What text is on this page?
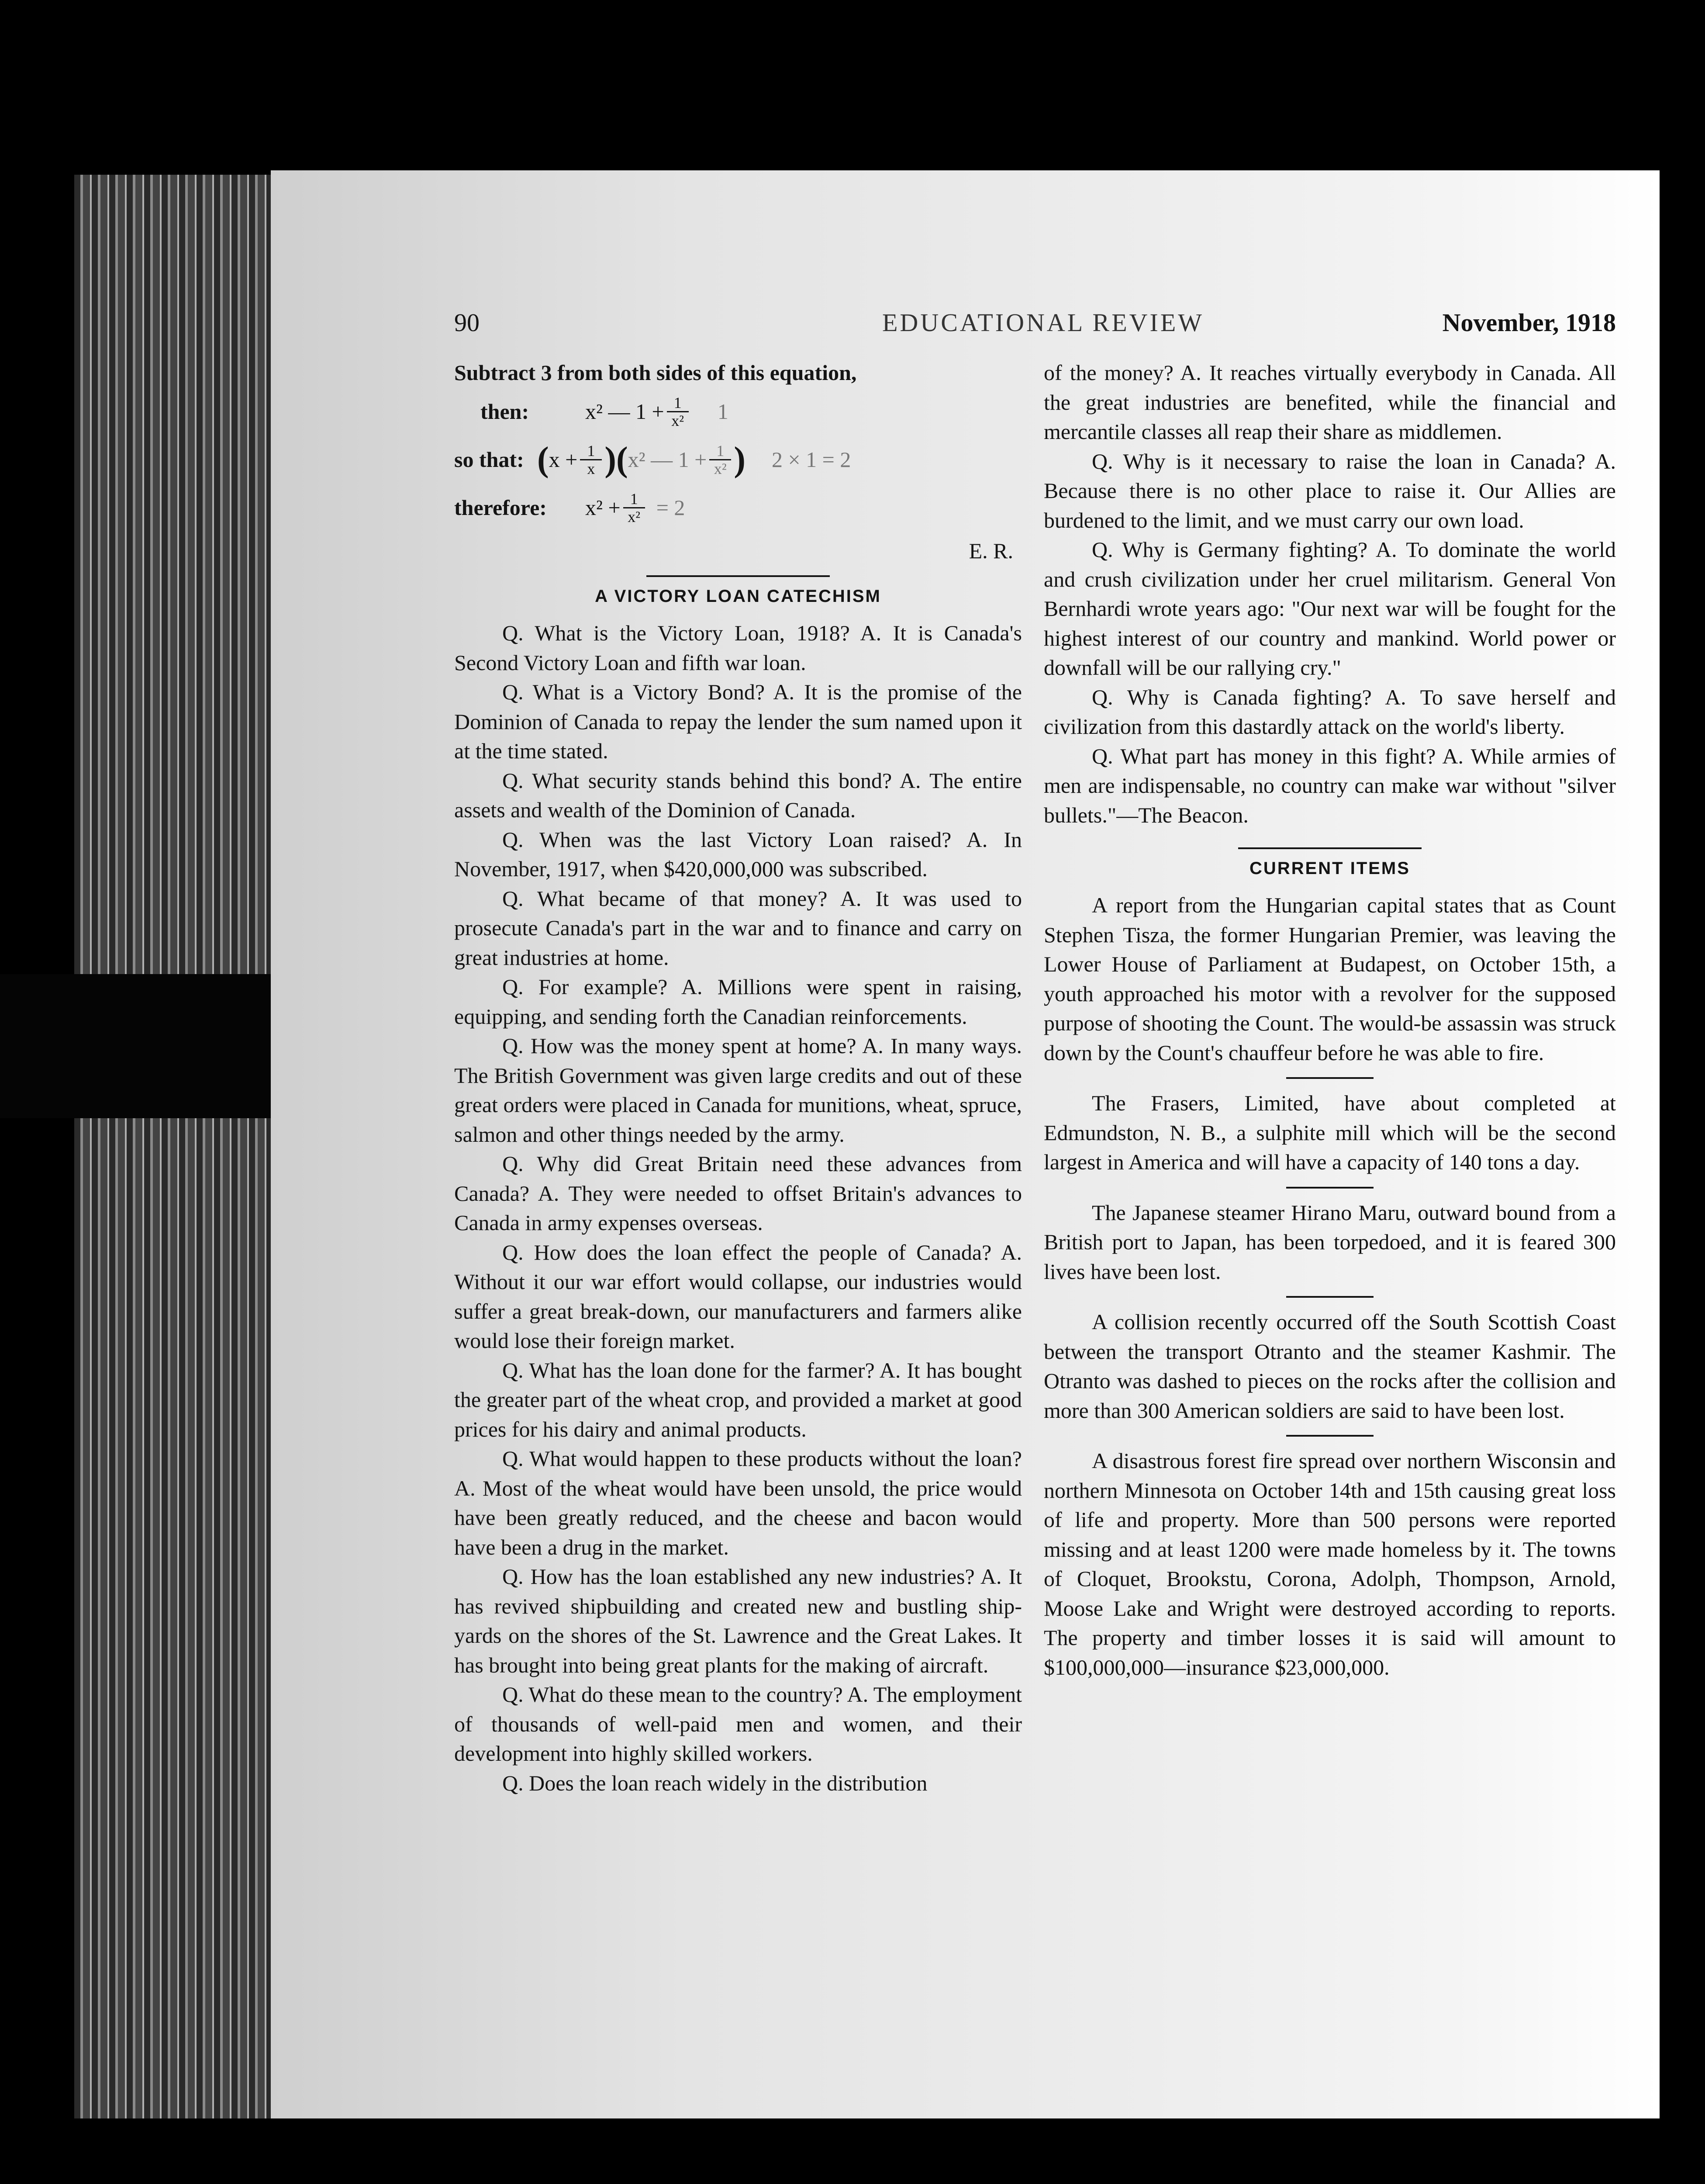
90	EDUCATIONAL REVIEW	November, 1918

Subtract 3 from both sides of this equation,

then:	x² — $1 + \frac{1}{\text{x²}} 1$
so that: ( $x + \frac{1}{x}$ ) ( x² — $1 + \frac{1}{\text{x²}}$ ) 2 × 1 = 2
therefore:	$x^2 + \frac{1}{\text{x²}} = 2$
E. R.
A VICTORY LOAN CATECHISM

Q. What is the Victory Loan, 1918? A. It is Canada's Second Victory Loan and fifth war loan.

Q. What is a Victory Bond? A. It is the promise of the Dominion of Canada to repay the lender the sum named upon it at the time stated.

Q. What security stands behind this bond? A. The entire assets and wealth of the Dominion of Canada.

Q. When was the last Victory Loan raised? A. In November, 1917, when $420,000,000 was subscribed.

Q. What became of that money? A. It was used to prosecute Canada's part in the war and to finance and carry on great industries at home.

Q. For example? A. Millions were spent in raising, equipping, and sending forth the Canadian reinforcements.

Q. How was the money spent at home? A. In many ways. The British Government was given large credits and out of these great orders were placed in Canada for munitions, wheat, spruce, salmon and other things needed by the army.

Q. Why did Great Britain need these advances from Canada? A. They were needed to offset Britain's advances to Canada in army expenses overseas.

Q. How does the loan effect the people of Canada? A. Without it our war effort would collapse, our industries would suffer a great break-down, our manufacturers and farmers alike would lose their foreign market.

Q. What has the loan done for the farmer? A. It has bought the greater part of the wheat crop, and provided a market at good prices for his dairy and animal products.

Q. What would happen to these products without the loan? A. Most of the wheat would have been unsold, the price would have been greatly reduced, and the cheese and bacon would have been a drug in the market.

Q. How has the loan established any new industries? A. It has revived shipbuilding and created new and bustling ship-yards on the shores of the St. Lawrence and the Great Lakes. It has brought into being great plants for the making of aircraft.

Q. What do these mean to the country? A. The employment of thousands of well-paid men and women, and their development into highly skilled workers.

Q. Does the loan reach widely in the distribution

of the money? A. It reaches virtually everybody in Canada. All the great industries are benefited, while the financial and mercantile classes all reap their share as middlemen.

Q. Why is it necessary to raise the loan in Canada? A. Because there is no other place to raise it. Our Allies are burdened to the limit, and we must carry our own load.

Q. Why is Germany fighting? A. To dominate the world and crush civilization under her cruel militarism. General Von Bernhardi wrote years ago: "Our next war will be fought for the highest interest of our country and mankind. World power or downfall will be our rallying cry."

Q. Why is Canada fighting? A. To save herself and civilization from this dastardly attack on the world's liberty.

Q. What part has money in this fight? A. While armies of men are indispensable, no country can make war without "silver bullets."—The Beacon.

CURRENT ITEMS

A report from the Hungarian capital states that as Count Stephen Tisza, the former Hungarian Premier, was leaving the Lower House of Parliament at Budapest, on October 15th, a youth approached his motor with a revolver for the supposed purpose of shooting the Count. The would-be assassin was struck down by the Count's chauffeur before he was able to fire.

The Frasers, Limited, have about completed at Edmundston, N. B., a sulphite mill which will be the second largest in America and will have a capacity of 140 tons a day.

The Japanese steamer Hirano Maru, outward bound from a British port to Japan, has been torpedoed, and it is feared 300 lives have been lost.

A collision recently occurred off the South Scottish Coast between the transport Otranto and the steamer Kashmir. The Otranto was dashed to pieces on the rocks after the collision and more than 300 American soldiers are said to have been lost.

A disastrous forest fire spread over northern Wisconsin and northern Minnesota on October 14th and 15th causing great loss of life and property. More than 500 persons were reported missing and at least 1200 were made homeless by it. The towns of Cloquet, Brookstu, Corona, Adolph, Thompson, Arnold, Moose Lake and Wright were destroyed according to reports. The property and timber losses it is said will amount to $100,000,000—insurance $23,000,000.
